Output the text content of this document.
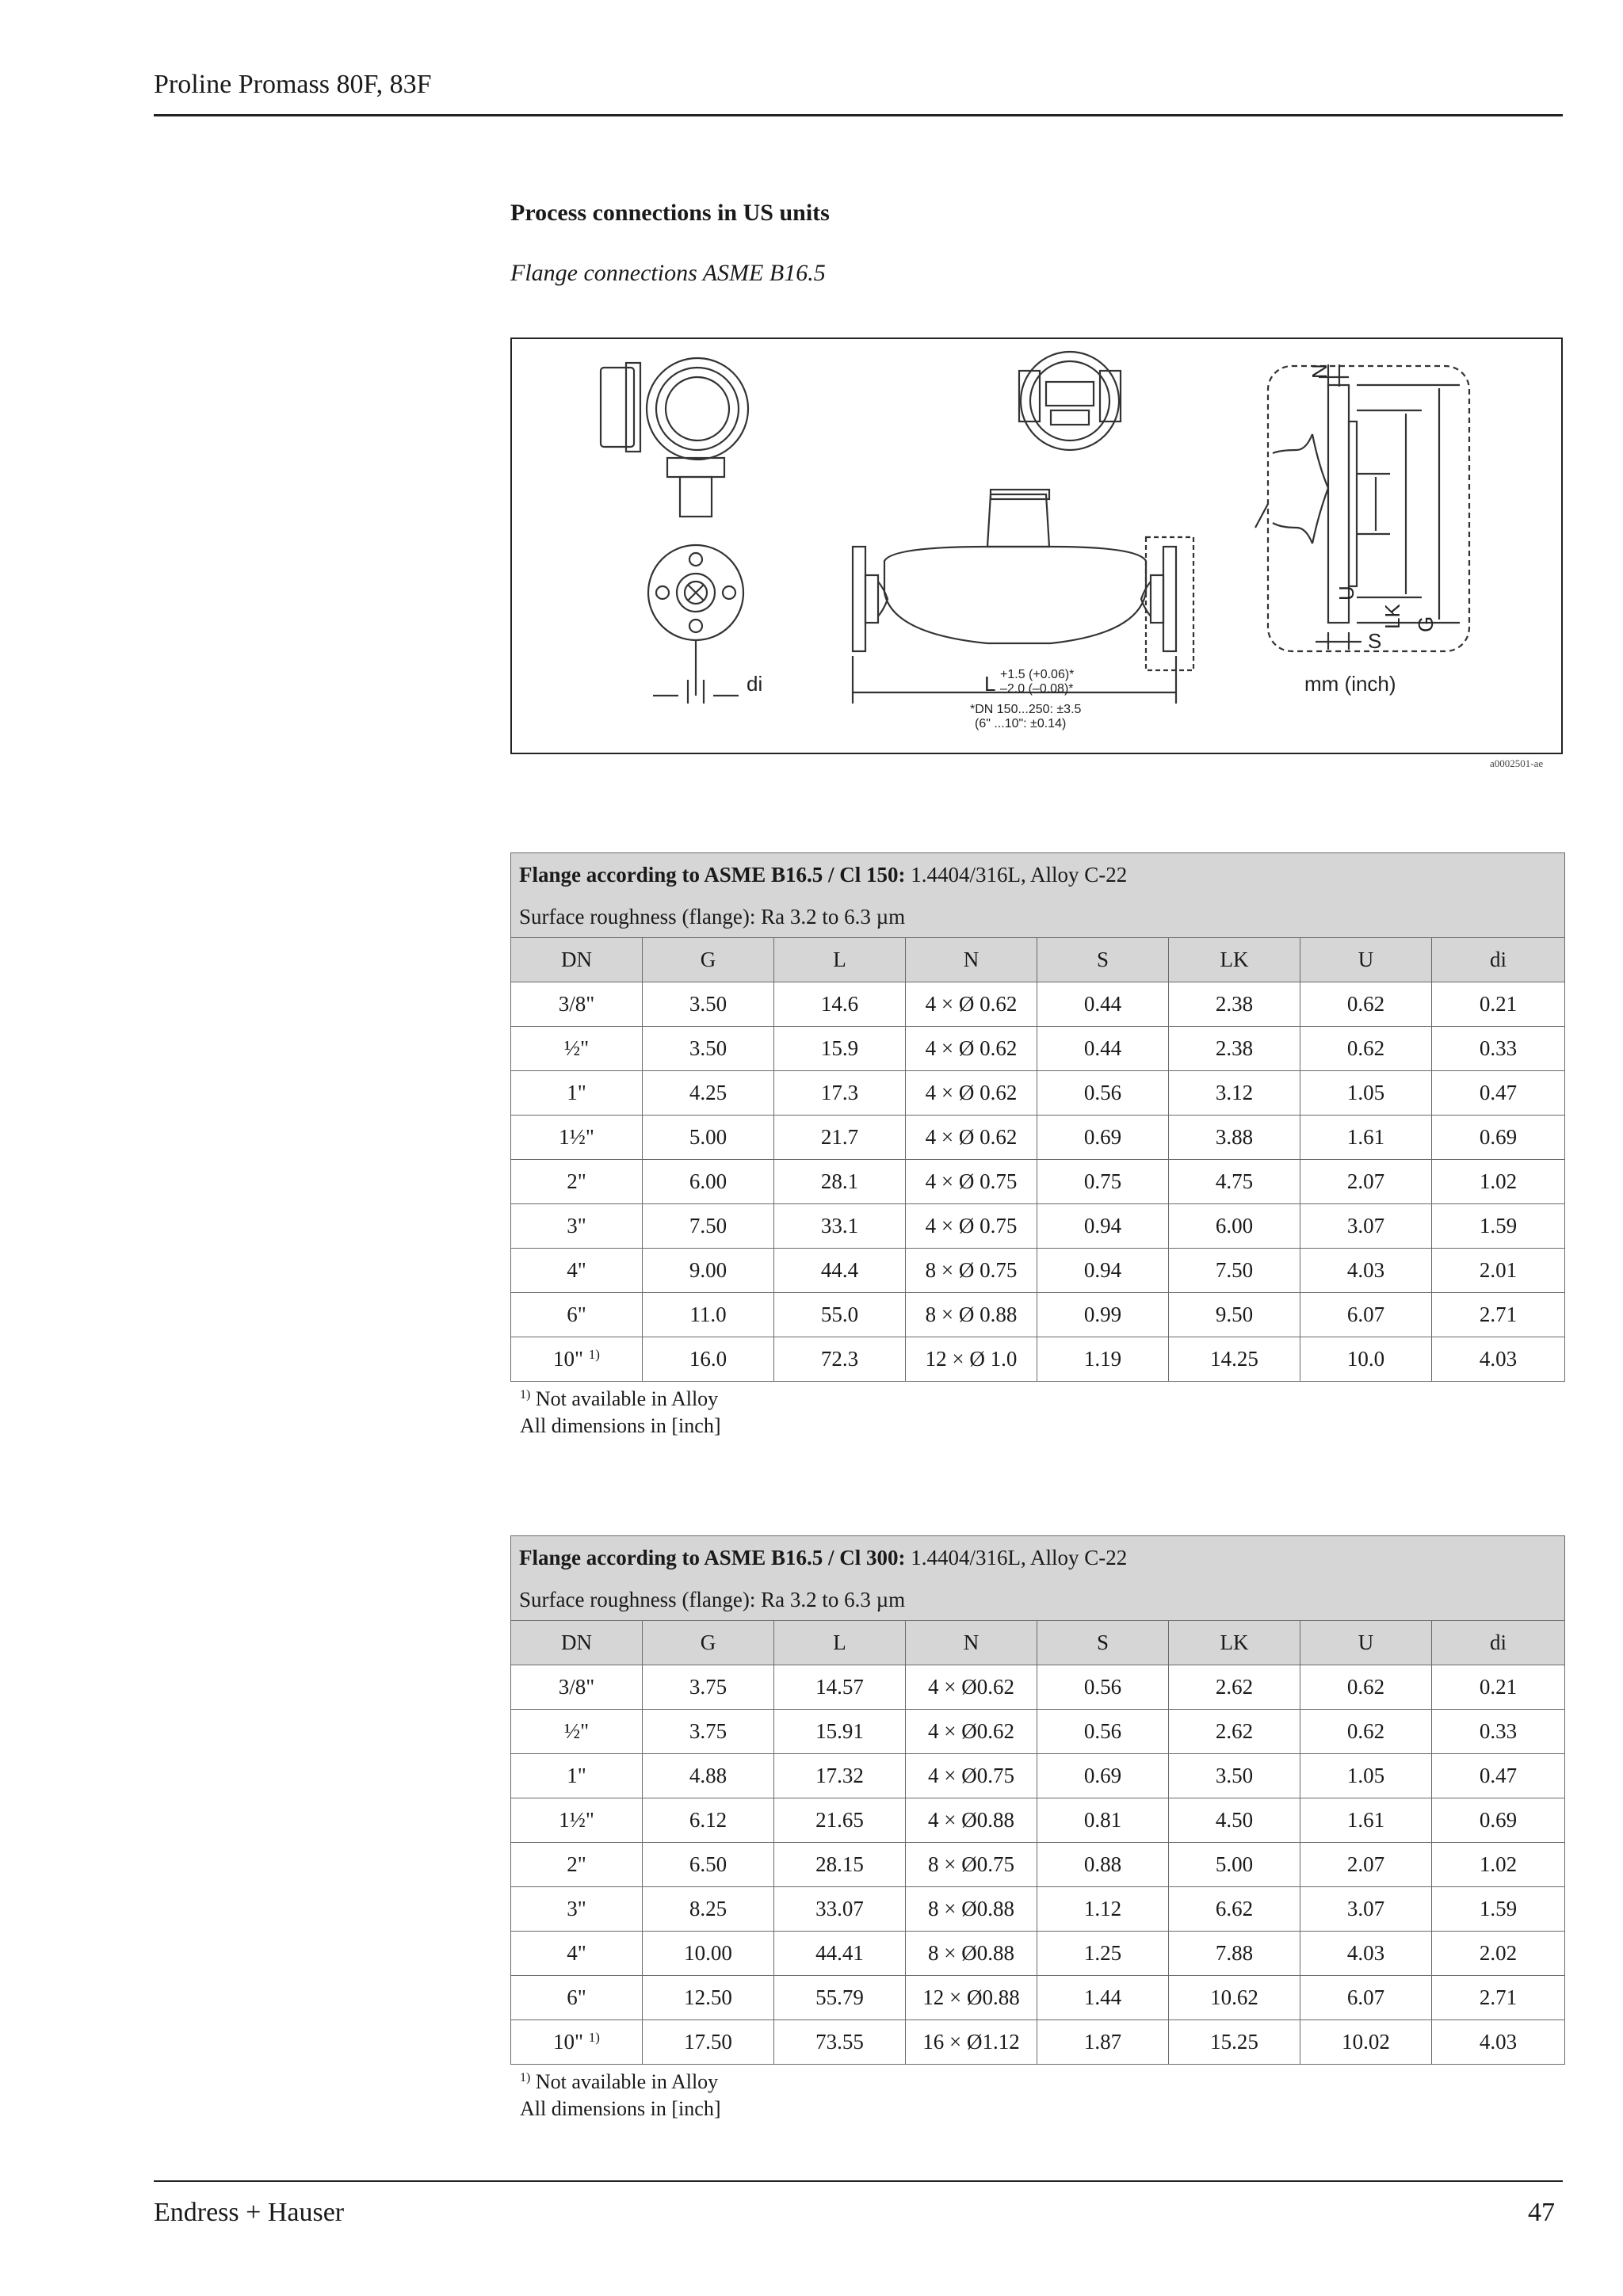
Proline Promass 80F, 83F
Process connections in US units
Flange connections ASME B16.5
di	L	mm (inch)
U
LK G
N
S
+1.5 (+0.06)*
–2.0 (–0.08)*
*DN 150...250: ±3.5
(6" ...10": ±0.14)
a0002501-ae
Flange according to ASME B16.5 / Cl 150: 1.4404/316L, Alloy C-22							
Surface roughness (flange): Ra 3.2 to 6.3 µm							
DN	G	L	N	S	LK	U	di
3/8"	3.50	14.6	4 × Ø 0.62	0.44	2.38	0.62	0.21
½"	3.50	15.9	4 × Ø 0.62	0.44	2.38	0.62	0.33
1"	4.25	17.3	4 × Ø 0.62	0.56	3.12	1.05	0.47
1½"	5.00	21.7	4 × Ø 0.62	0.69	3.88	1.61	0.69
2"	6.00	28.1	4 × Ø 0.75	0.75	4.75	2.07	1.02
3"	7.50	33.1	4 × Ø 0.75	0.94	6.00	3.07	1.59
4"	9.00	44.4	8 × Ø 0.75	0.94	7.50	4.03	2.01
6"	11.0	55.0	8 × Ø 0.88	0.99	9.50	6.07	2.71
10" $^{1)}$	16.0	72.3	12 × Ø 1.0	1.19	14.25	10.0	4.03
$^{1)}$ Not available in Alloy
All dimensions in [inch]
Flange according to ASME B16.5 / Cl 300: 1.4404/316L, Alloy C-22							
Surface roughness (flange): Ra 3.2 to 6.3 µm							
DN	G	L	N	S	LK	U	di
3/8"	3.75	14.57	4 × Ø0.62	0.56	2.62	0.62	0.21
½"	3.75	15.91	4 × Ø0.62	0.56	2.62	0.62	0.33
1"	4.88	17.32	4 × Ø0.75	0.69	3.50	1.05	0.47
1½"	6.12	21.65	4 × Ø0.88	0.81	4.50	1.61	0.69
2"	6.50	28.15	8 × Ø0.75	0.88	5.00	2.07	1.02
3"	8.25	33.07	8 × Ø0.88	1.12	6.62	3.07	1.59
4"	10.00	44.41	8 × Ø0.88	1.25	7.88	4.03	2.02
6"	12.50	55.79	12 × Ø0.88	1.44	10.62	6.07	2.71
10" $^{1)}$	17.50	73.55	16 × Ø1.12	1.87	15.25	10.02	4.03
$^{1)}$ Not available in Alloy
All dimensions in [inch]
Endress + Hauser	47
